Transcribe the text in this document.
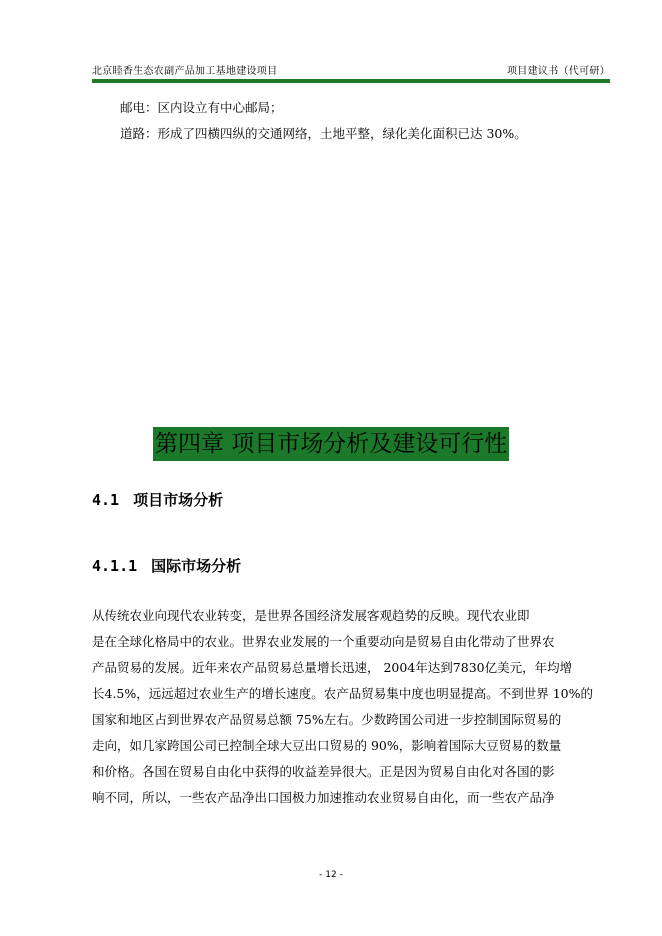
北京睦香生态农副产品加工基地建设项目	项目建议书（代可研）
邮电：区内设立有中心邮局；
道路：形成了四横四纵的交通网络，土地平整，绿化美化面积已达 30%。
第四章 项目市场分析及建设可行性
4.1 项目市场分析
4.1.1 国际市场分析
从传统农业向现代农业转变，是世界各国经济发展客观趋势的反映。现代农业即
是在全球化格局中的农业。世界农业发展的一个重要动向是贸易自由化带动了世界农
产品贸易的发展。近年来农产品贸易总量增长迅速， 2004年达到7830亿美元，年均增
长4.5%，远远超过农业生产的增长速度。农产品贸易集中度也明显提高。不到世界 10%的
国家和地区占到世界农产品贸易总额 75%左右。少数跨国公司进一步控制国际贸易的
走向，如几家跨国公司已控制全球大豆出口贸易的 90%，影响着国际大豆贸易的数量
和价格。各国在贸易自由化中获得的收益差异很大。正是因为贸易自由化对各国的影
响不同，所以，一些农产品净出口国极力加速推动农业贸易自由化，而一些农产品净
- 12 -
